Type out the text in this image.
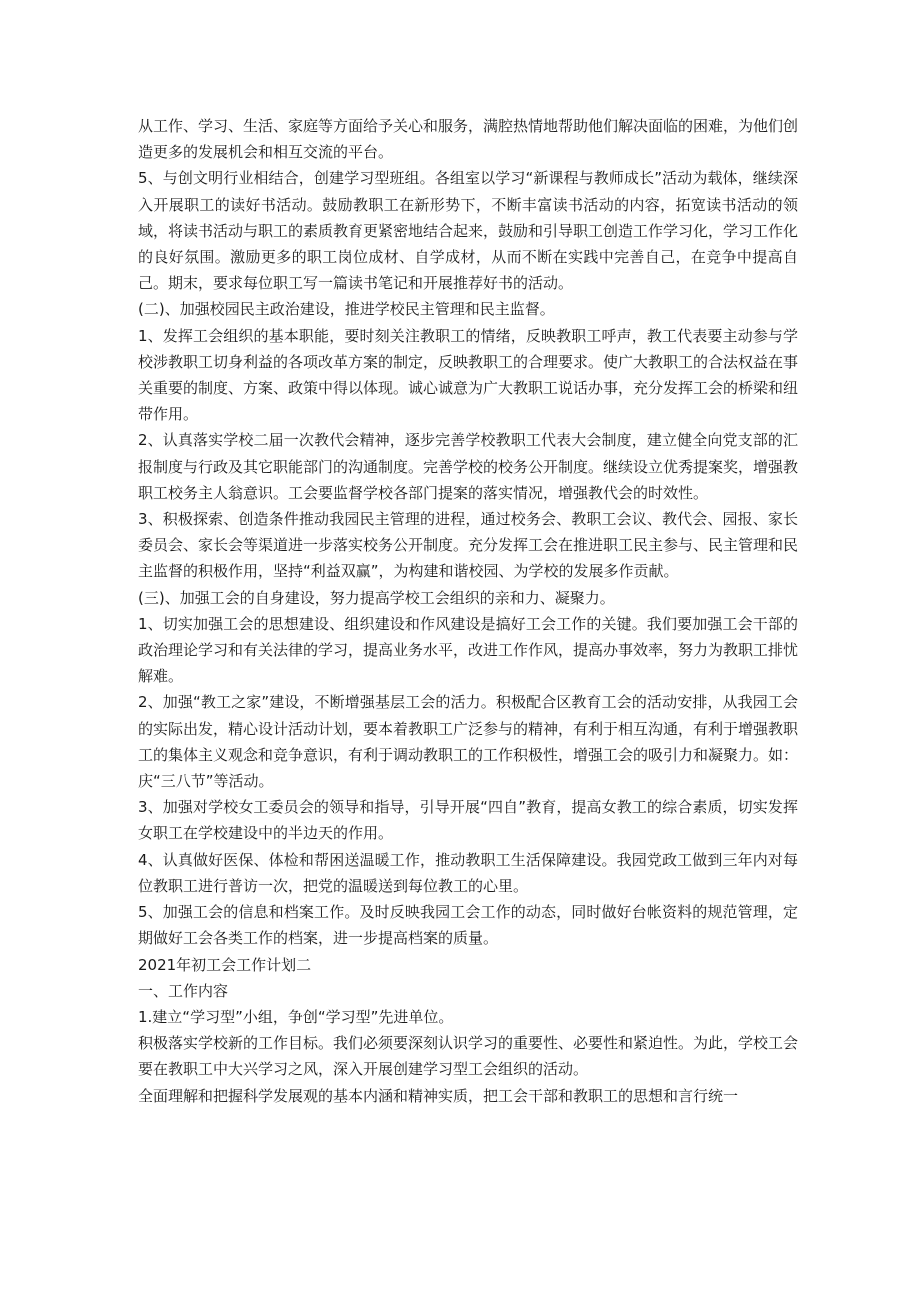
从工作、学习、生活、家庭等方面给予关心和服务，满腔热情地帮助他们解决面临的困难，为他们创造更多的发展机会和相互交流的平台。

5、与创文明行业相结合，创建学习型班组。各组室以学习“新课程与教师成长”活动为载体，继续深入开展职工的读好书活动。鼓励教职工在新形势下，不断丰富读书活动的内容，拓宽读书活动的领域，将读书活动与职工的素质教育更紧密地结合起来，鼓励和引导职工创造工作学习化，学习工作化的良好氛围。激励更多的职工岗位成材、自学成材，从而不断在实践中完善自己，在竞争中提高自己。期末，要求每位职工写一篇读书笔记和开展推荐好书的活动。

(二)、加强校园民主政治建设，推进学校民主管理和民主监督。

1、发挥工会组织的基本职能，要时刻关注教职工的情绪，反映教职工呼声，教工代表要主动参与学校涉教职工切身利益的各项改革方案的制定，反映教职工的合理要求。使广大教职工的合法权益在事关重要的制度、方案、政策中得以体现。诚心诚意为广大教职工说话办事，充分发挥工会的桥梁和纽带作用。

2、认真落实学校二届一次教代会精神，逐步完善学校教职工代表大会制度，建立健全向党支部的汇报制度与行政及其它职能部门的沟通制度。完善学校的校务公开制度。继续设立优秀提案奖，增强教职工校务主人翁意识。工会要监督学校各部门提案的落实情况，增强教代会的时效性。

3、积极探索、创造条件推动我园民主管理的进程，通过校务会、教职工会议、教代会、园报、家长委员会、家长会等渠道进一步落实校务公开制度。充分发挥工会在推进职工民主参与、民主管理和民主监督的积极作用，坚持“利益双赢”，为构建和谐校园、为学校的发展多作贡献。

(三)、加强工会的自身建设，努力提高学校工会组织的亲和力、凝聚力。

1、切实加强工会的思想建设、组织建设和作风建设是搞好工会工作的关键。我们要加强工会干部的政治理论学习和有关法律的学习，提高业务水平，改进工作作风，提高办事效率，努力为教职工排忧解难。

2、加强“教工之家”建设，不断增强基层工会的活力。积极配合区教育工会的活动安排，从我园工会的实际出发，精心设计活动计划，要本着教职工广泛参与的精神，有利于相互沟通，有利于增强教职工的集体主义观念和竞争意识，有利于调动教职工的工作积极性，增强工会的吸引力和凝聚力。如：庆“三八节”等活动。

3、加强对学校女工委员会的领导和指导，引导开展“四自”教育，提高女教工的综合素质，切实发挥女职工在学校建设中的半边天的作用。

4、认真做好医保、体检和帮困送温暖工作，推动教职工生活保障建设。我园党政工做到三年内对每位教职工进行普访一次，把党的温暖送到每位教工的心里。

5、加强工会的信息和档案工作。及时反映我园工会工作的动态，同时做好台帐资料的规范管理，定期做好工会各类工作的档案，进一步提高档案的质量。

2021年初工会工作计划二

一、工作内容

1.建立“学习型”小组，争创“学习型”先进单位。

积极落实学校新的工作目标。我们必须要深刻认识学习的重要性、必要性和紧迫性。为此，学校工会要在教职工中大兴学习之风，深入开展创建学习型工会组织的活动。

全面理解和把握科学发展观的基本内涵和精神实质，把工会干部和教职工的思想和言行统一
